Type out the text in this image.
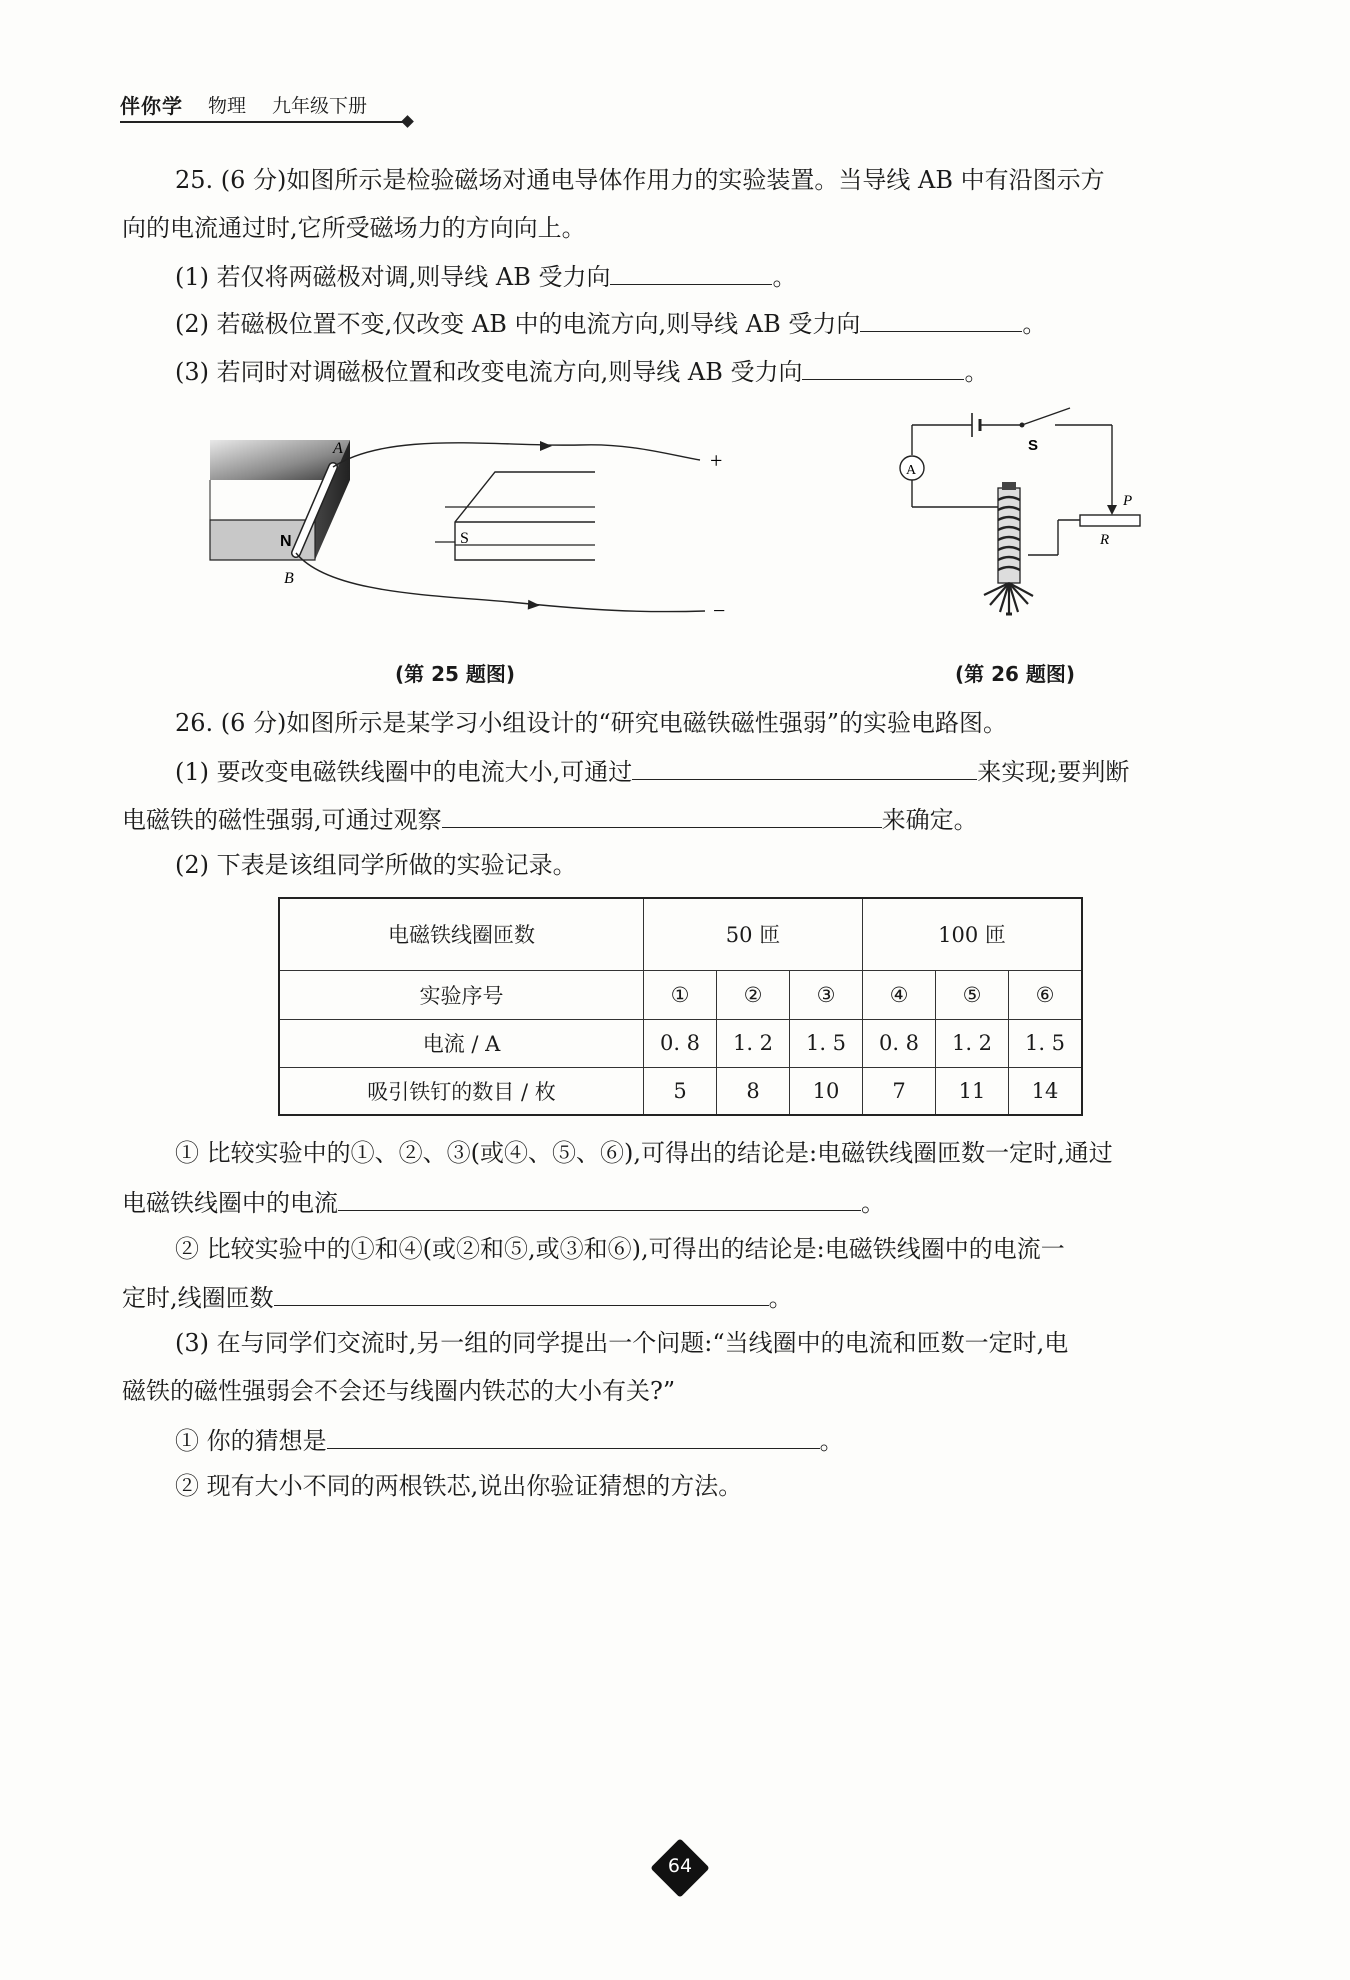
伴你学 物理 九年级下册
25. (6 分)如图所示是检验磁场对通电导体作用力的实验装置。当导线 AB 中有沿图示方
向的电流通过时,它所受磁场力的方向向上。
(1) 若仅将两磁极对调,则导线 AB 受力向	。
(2) 若磁极位置不变,仅改变 AB 中的电流方向,则导线 AB 受力向	。
(3) 若同时对调磁极位置和改变电流方向,则导线 AB 受力向	。
N	S
A
B
+
−
S
P
R
A
(第 25 题图)	(第 26 题图)
26. (6 分)如图所示是某学习小组设计的“研究电磁铁磁性强弱”的实验电路图。
(1) 要改变电磁铁线圈中的电流大小,可通过	来实现;要判断
电磁铁的磁性强弱,可通过观察	来确定。
(2) 下表是该组同学所做的实验记录。
电磁铁线圈匝数	50 匝			100 匝		
实验序号	①	②	③	④	⑤	⑥
电流 / A	0. 8	1. 2	1. 5	0. 8	1. 2	1. 5
吸引铁钉的数目 / 枚	5	8	10	7	11	14
① 比较实验中的①、②、③(或④、⑤、⑥),可得出的结论是:电磁铁线圈匝数一定时,通过
电磁铁线圈中的电流	。
② 比较实验中的①和④(或②和⑤,或③和⑥),可得出的结论是:电磁铁线圈中的电流一
定时,线圈匝数	。
(3) 在与同学们交流时,另一组的同学提出一个问题:“当线圈中的电流和匝数一定时,电
磁铁的磁性强弱会不会还与线圈内铁芯的大小有关?”
① 你的猜想是	。
② 现有大小不同的两根铁芯,说出你验证猜想的方法。
64
